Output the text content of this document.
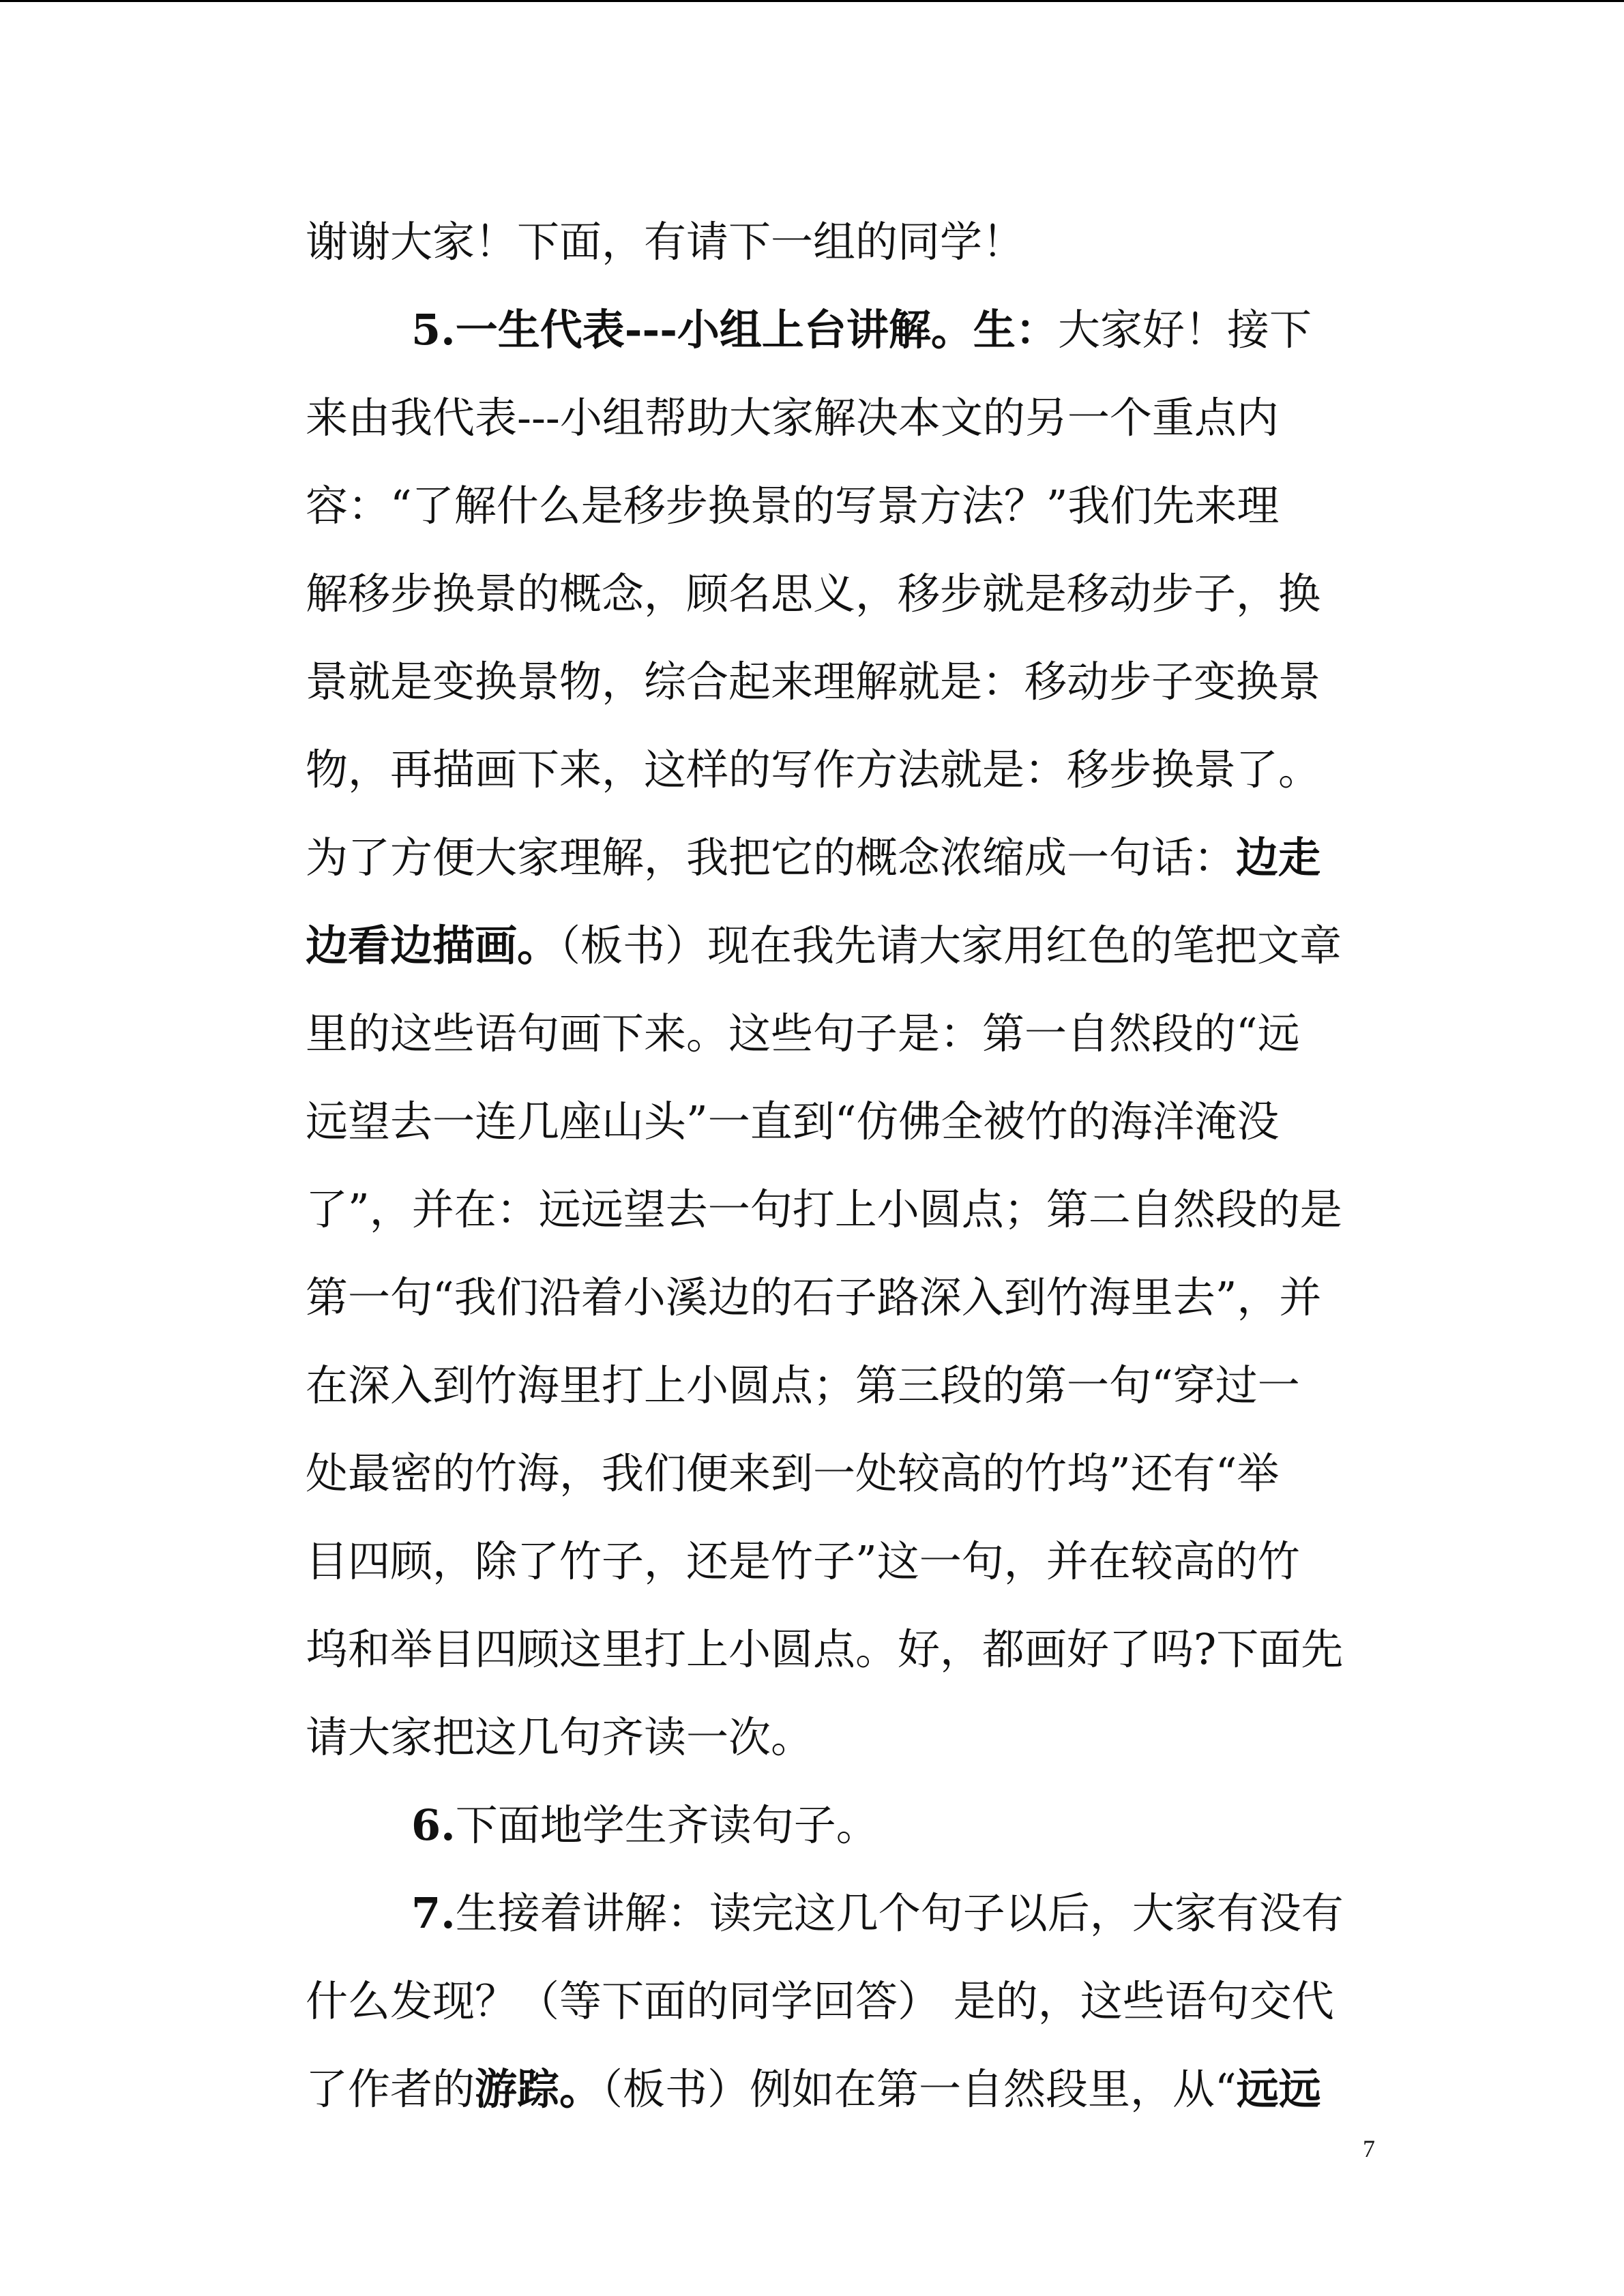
谢谢大家！下面，有请下一组的同学！
5.一生代表---小组上台讲解。生：大家好！接下
来由我代表---小组帮助大家解决本文的另一个重点内
容：“了解什么是移步换景的写景方法？”我们先来理
解移步换景的概念，顾名思义，移步就是移动步子，换
景就是变换景物，综合起来理解就是：移动步子变换景
物，再描画下来，这样的写作方法就是：移步换景了。
为了方便大家理解，我把它的概念浓缩成一句话：边走
边看边描画。（板书）现在我先请大家用红色的笔把文章
里的这些语句画下来。这些句子是：第一自然段的“远
远望去一连几座山头”一直到“仿佛全被竹的海洋淹没
了”，并在：远远望去一句打上小圆点；第二自然段的是
第一句“我们沿着小溪边的石子路深入到竹海里去”，并
在深入到竹海里打上小圆点；第三段的第一句“穿过一
处最密的竹海，我们便来到一处较高的竹坞”还有“举
目四顾，除了竹子，还是竹子”这一句，并在较高的竹
坞和举目四顾这里打上小圆点。好，都画好了吗?下面先
请大家把这几句齐读一次。
6.下面地学生齐读句子。
7.生接着讲解：读完这几个句子以后，大家有没有
什么发现？（等下面的同学回答） 是的，这些语句交代
了作者的游踪。（板书）例如在第一自然段里，从“远远
7
